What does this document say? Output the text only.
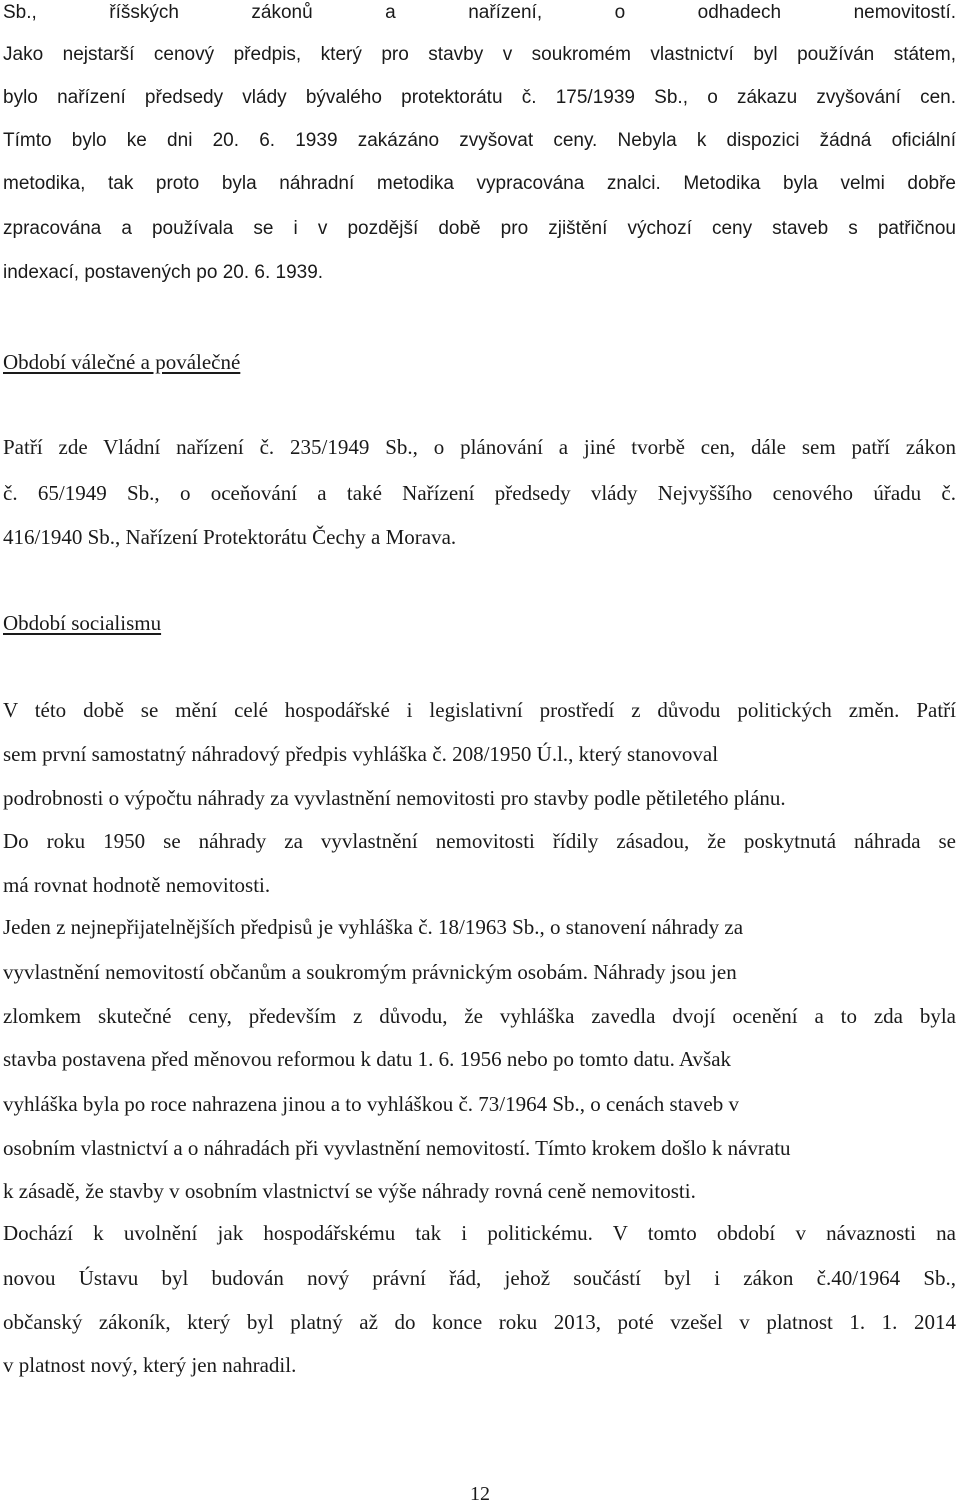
Sb., říšských zákonů a nařízení, o odhadech nemovitostí.
Jako nejstarší cenový předpis, který pro stavby v soukromém vlastnictví byl používán státem,
bylo nařízení předsedy vlády bývalého protektorátu č. 175/1939 Sb., o zákazu zvyšování cen.
Tímto bylo ke dni 20. 6. 1939 zakázáno zvyšovat ceny. Nebyla k dispozici žádná oficiální
metodika, tak proto byla náhradní metodika vypracována znalci. Metodika byla velmi dobře
zpracována a používala se i v pozdější době pro zjištění výchozí ceny staveb s patřičnou
indexací, postavených po 20. 6. 1939.
Období válečné a poválečné
Patří zde Vládní nařízení č. 235/1949 Sb., o plánování a jiné tvorbě cen, dále sem patří zákon
č. 65/1949 Sb., o oceňování a také Nařízení předsedy vlády Nejvyššího cenového úřadu č.
416/1940 Sb., Nařízení Protektorátu Čechy a Morava.
Období socialismu
V této době se mění celé hospodářské i legislativní prostředí z důvodu politických změn. Patří
sem první samostatný náhradový předpis vyhláška č. 208/1950 Ú.l., který stanovoval
podrobnosti o výpočtu náhrady za vyvlastnění nemovitosti pro stavby podle pětiletého plánu.
Do roku 1950 se náhrady za vyvlastnění nemovitosti řídily zásadou, že poskytnutá náhrada se
má rovnat hodnotě nemovitosti.
Jeden z nejnepřijatelnějších předpisů je vyhláška č. 18/1963 Sb., o stanovení náhrady za
vyvlastnění nemovitostí občanům a soukromým právnickým osobám. Náhrady jsou jen
zlomkem skutečné ceny, především z důvodu, že vyhláška zavedla dvojí ocenění a to zda byla
stavba postavena před měnovou reformou k datu 1. 6. 1956 nebo po tomto datu. Avšak
vyhláška byla po roce nahrazena jinou a to vyhláškou č. 73/1964 Sb., o cenách staveb v
osobním vlastnictví a o náhradách při vyvlastnění nemovitostí. Tímto krokem došlo k návratu
k zásadě, že stavby v osobním vlastnictví se výše náhrady rovná ceně nemovitosti.
Dochází k uvolnění jak hospodářskému tak i politickému. V tomto období v návaznosti na
novou Ústavu byl budován nový právní řád, jehož součástí byl i zákon č.40/1964 Sb.,
občanský zákoník, který byl platný až do konce roku 2013, poté vzešel v platnost 1. 1. 2014
v platnost nový, který jen nahradil.
12
